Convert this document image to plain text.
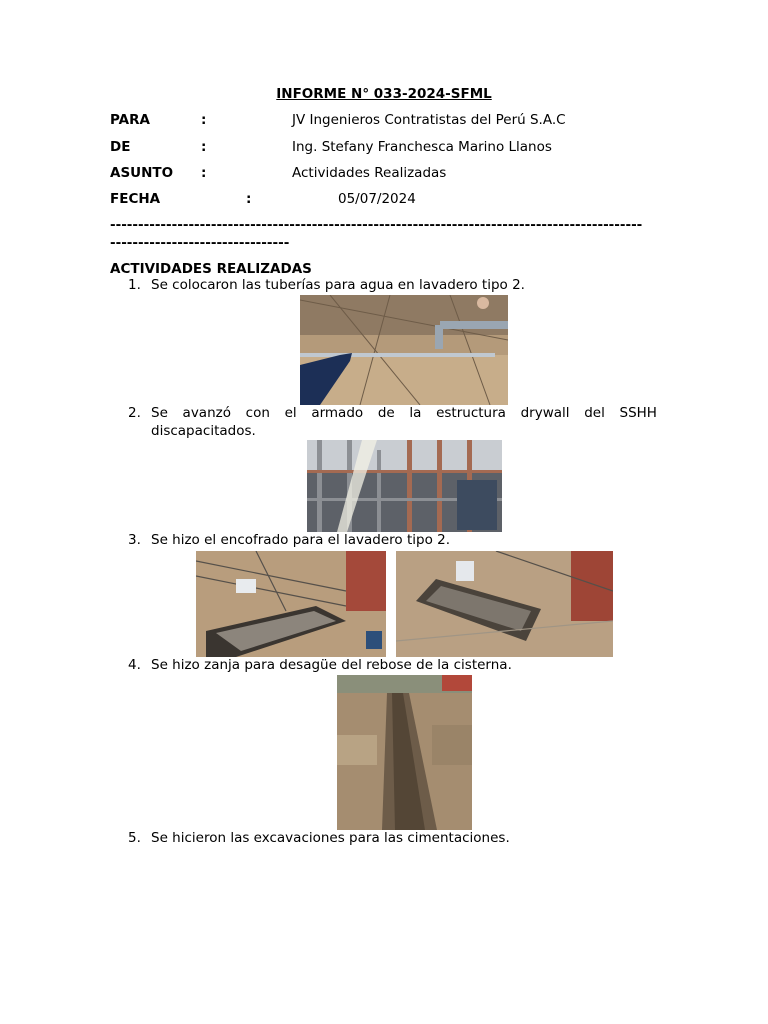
INFORME N° 033-2024-SFML
PARA	:	JV Ingenieros Contratistas del Perú S.A.C
DE	:	Ing. Stefany Franchesca Marino Llanos
ASUNTO :	Actividades Realizadas
FECHA	:	05/07/2024
-----------------------------------------------------------------------------------------------
--------------------------------
ACTIVIDADES REALIZADAS
1. Se colocaron las tuberías para agua en lavadero tipo 2.
2. Se avanzó con el armado de la estructura drywall del SSHH
discapacitados.
3. Se hizo el encofrado para el lavadero tipo 2.
4. Se hizo zanja para desagüe del rebose de la cisterna.
5. Se hicieron las excavaciones para las cimentaciones.
